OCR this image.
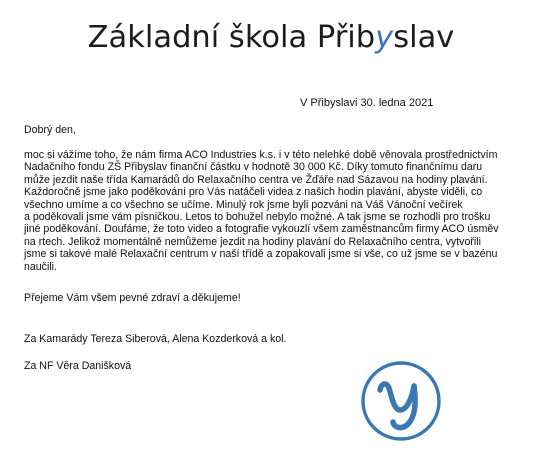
Základní škola Přibyslav
V Přibyslavi 30. ledna 2021
Dobrý den,
moc si vážíme toho, že nám firma ACO Industries k.s. i v této nelehké době věnovala prostřednictvím
Nadačního fondu ZŠ Přibyslav finanční částku v hodnotě 30 000 Kč. Díky tomuto finančnímu daru
může jezdit naše třída Kamarádů do Relaxačního centra ve Žďáře nad Sázavou na hodiny plavání.
Každoročně jsme jako poděkování pro Vás natáčeli videa z našich hodin plavání, abyste viděli, co
všechno umíme a co všechno se učíme. Minulý rok jsme byli pozváni na Váš Vánoční večírek
a poděkovali jsme vám písničkou. Letos to bohužel nebylo možné. A tak jsme se rozhodli pro trošku
jiné poděkování. Doufáme, že toto video a fotografie vykouzlí všem zaměstnancům firmy ACO úsměv
na rtech. Jelikož momentálně nemůžeme jezdit na hodiny plavání do Relaxačního centra, vytvořili
jsme si takové malé Relaxační centrum v naší třídě a zopakovali jsme si vše, co už jsme se v bazénu
naučili.
Přejeme Vám všem pevné zdraví a děkujeme!
Za Kamarády Tereza Siberová, Alena Kozderková a kol.
Za NF Věra Danišková
